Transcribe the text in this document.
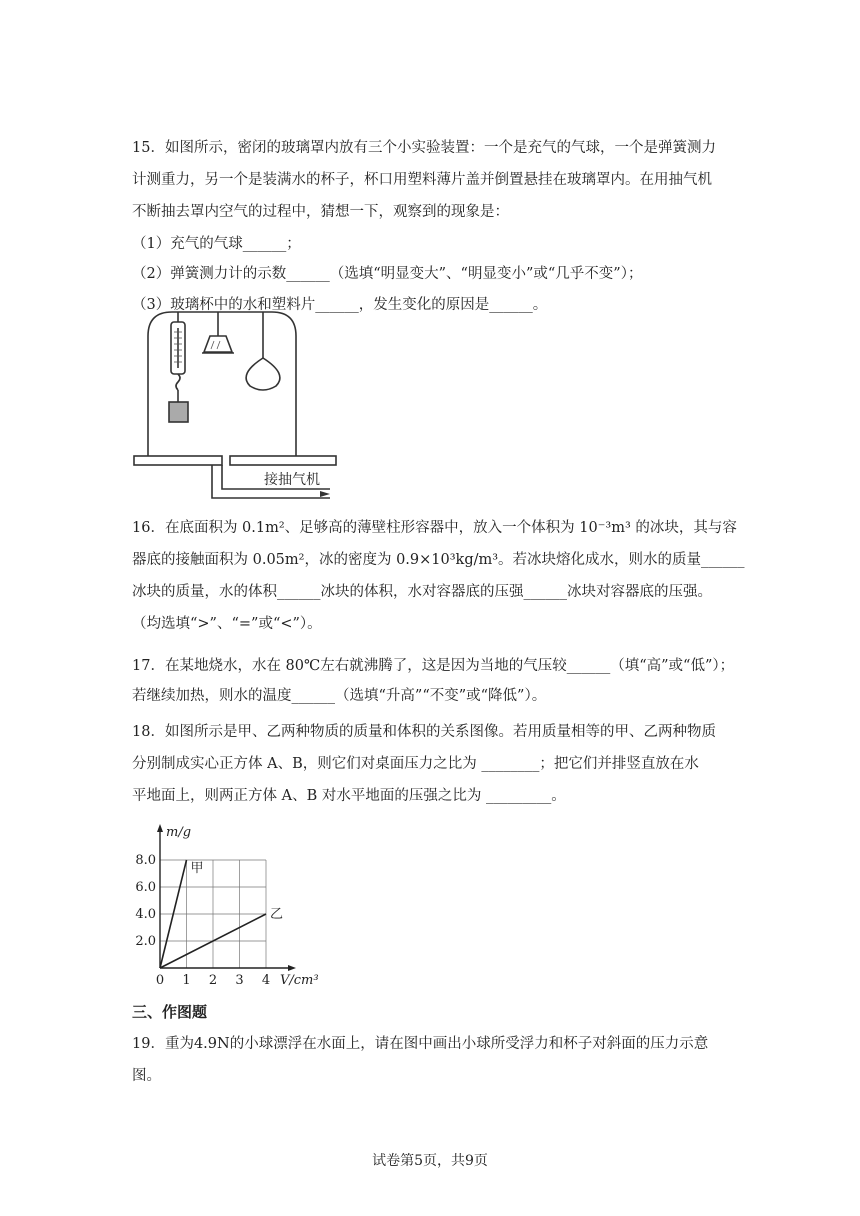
15．如图所示，密闭的玻璃罩内放有三个小实验装置：一个是充气的气球，一个是弹簧测力
计测重力，另一个是装满水的杯子，杯口用塑料薄片盖并倒置悬挂在玻璃罩内。在用抽气机
不断抽去罩内空气的过程中，猜想一下，观察到的现象是：
（1）充气的气球______；
（2）弹簧测力计的示数______（选填“明显变大”、“明显变小”或“几乎不变”）；
（3）玻璃杯中的水和塑料片______，发生变化的原因是______。
接抽气机
16．在底面积为 0.1m²、足够高的薄壁柱形容器中，放入一个体积为 10⁻³m³ 的冰块，其与容
器底的接触面积为 0.05m²，冰的密度为 0.9×10³kg/m³。若冰块熔化成水，则水的质量______
冰块的质量，水的体积______冰块的体积，水对容器底的压强______冰块对容器底的压强。
（均选填“>”、“=”或“<”）。
17．在某地烧水，水在 80℃左右就沸腾了，这是因为当地的气压较______（填“高”或“低”）；
若继续加热，则水的温度______（选填“升高”“不变”或“降低”）。
18．如图所示是甲、乙两种物质的质量和体积的关系图像。若用质量相等的甲、乙两种物质
分别制成实心正方体 A、B，则它们对桌面压力之比为 ________；把它们并排竖直放在水
平地面上，则两正方体 A、B 对水平地面的压强之比为 _________。
0 1 2 3 4
2.0
4.0
6.0
8.0
m/g
V/cm³
甲
乙
三、作图题
19．重为4.9N的小球漂浮在水面上，请在图中画出小球所受浮力和杯子对斜面的压力示意
图。
试卷第5页，共9页
